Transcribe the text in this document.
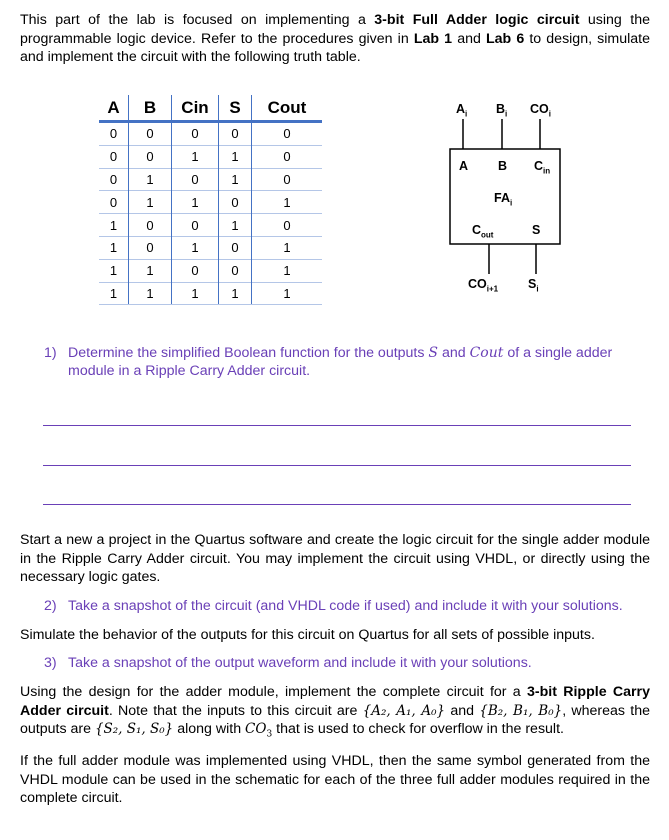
This part of the lab is focused on implementing a 3-bit Full Adder logic circuit using the programmable logic device. Refer to the procedures given in Lab 1 and Lab 6 to design, simulate and implement the circuit with the following truth table.
A	B	Cin	S	Cout
0	0	0	0	0
0	0	1	1	0
0	1	0	1	0
0	1	1	0	1
1	0	0	1	0
1	0	1	0	1
1	1	0	0	1
1	1	1	1	1
$A_i$ $B_i$ $CO_i$
A B $C_{in}$
$FA_i$
$C_{out}$	S
$CO_{i+1}$ $S_i$
1) Determine the simplified Boolean function for the outputs S and Cout of a single adder module in a Ripple Carry Adder circuit.
Start a new a project in the Quartus software and create the logic circuit for the single adder module in the Ripple Carry Adder circuit. You may implement the circuit using VHDL, or directly using the necessary logic gates.
2) Take a snapshot of the circuit (and VHDL code if used) and include it with your solutions.
Simulate the behavior of the outputs for this circuit on Quartus for all sets of possible inputs.
3) Take a snapshot of the output waveform and include it with your solutions.
Using the design for the adder module, implement the complete circuit for a 3-bit Ripple Carry Adder circuit. Note that the inputs to this circuit are {A₂, A₁, A₀} and {B₂, B₁, B₀}, whereas the outputs are {S₂, S₁, S₀} along with $CO_3$ that is used to check for overflow in the result.
If the full adder module was implemented using VHDL, then the same symbol generated from the VHDL module can be used in the schematic for each of the three full adder modules required in the complete circuit.
